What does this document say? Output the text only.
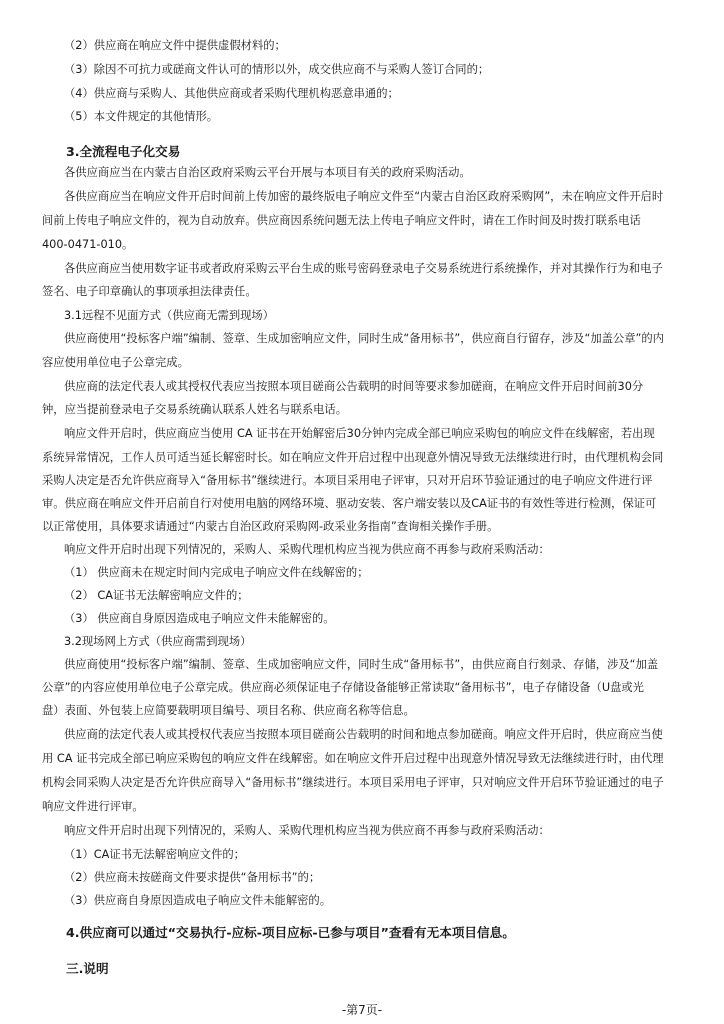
（2）供应商在响应文件中提供虚假材料的；
（3）除因不可抗力或磋商文件认可的情形以外，成交供应商不与采购人签订合同的；
（4）供应商与采购人、其他供应商或者采购代理机构恶意串通的；
（5）本文件规定的其他情形。
3.全流程电子化交易
各供应商应当在内蒙古自治区政府采购云平台开展与本项目有关的政府采购活动。
各供应商应当在响应文件开启时间前上传加密的最终版电子响应文件至“内蒙古自治区政府采购网”，未在响应文件开启时
间前上传电子响应文件的，视为自动放弃。供应商因系统问题无法上传电子响应文件时，请在工作时间及时拨打联系电话
400-0471-010。
各供应商应当使用数字证书或者政府采购云平台生成的账号密码登录电子交易系统进行系统操作，并对其操作行为和电子
签名、电子印章确认的事项承担法律责任。
3.1远程不见面方式（供应商无需到现场）
供应商使用“投标客户端”编制、签章、生成加密响应文件，同时生成“备用标书”，供应商自行留存，涉及“加盖公章”的内
容应使用单位电子公章完成。
供应商的法定代表人或其授权代表应当按照本项目磋商公告载明的时间等要求参加磋商，在响应文件开启时间前30分
钟，应当提前登录电子交易系统确认联系人姓名与联系电话。
响应文件开启时，供应商应当使用 CA 证书在开始解密后30分钟内完成全部已响应采购包的响应文件在线解密，若出现
系统异常情况，工作人员可适当延长解密时长。如在响应文件开启过程中出现意外情况导致无法继续进行时，由代理机构会同
采购人决定是否允许供应商导入“备用标书”继续进行。本项目采用电子评审，只对开启环节验证通过的电子响应文件进行评
审。供应商在响应文件开启前自行对使用电脑的网络环境、驱动安装、客户端安装以及CA证书的有效性等进行检测，保证可
以正常使用，具体要求请通过“内蒙古自治区政府采购网-政采业务指南”查询相关操作手册。
响应文件开启时出现下列情况的，采购人、采购代理机构应当视为供应商不再参与政府采购活动：
（1） 供应商未在规定时间内完成电子响应文件在线解密的；
（2） CA证书无法解密响应文件的；
（3） 供应商自身原因造成电子响应文件未能解密的。
3.2现场网上方式（供应商需到现场）
供应商使用“投标客户端”编制、签章、生成加密响应文件，同时生成“备用标书”，由供应商自行刻录、存储，涉及“加盖
公章”的内容应使用单位电子公章完成。供应商必须保证电子存储设备能够正常读取“备用标书”，电子存储设备（U盘或光
盘）表面、外包装上应简要载明项目编号、项目名称、供应商名称等信息。
供应商的法定代表人或其授权代表应当按照本项目磋商公告载明的时间和地点参加磋商。响应文件开启时，供应商应当使
用 CA 证书完成全部已响应采购包的响应文件在线解密。如在响应文件开启过程中出现意外情况导致无法继续进行时，由代理
机构会同采购人决定是否允许供应商导入“备用标书”继续进行。本项目采用电子评审，只对响应文件开启环节验证通过的电子
响应文件进行评审。
响应文件开启时出现下列情况的，采购人、采购代理机构应当视为供应商不再参与政府采购活动：
（1）CA证书无法解密响应文件的；
（2）供应商未按磋商文件要求提供“备用标书”的；
（3）供应商自身原因造成电子响应文件未能解密的。
4.供应商可以通过“交易执行-应标-项目应标-已参与项目”查看有无本项目信息。
三.说明
-第7页-
